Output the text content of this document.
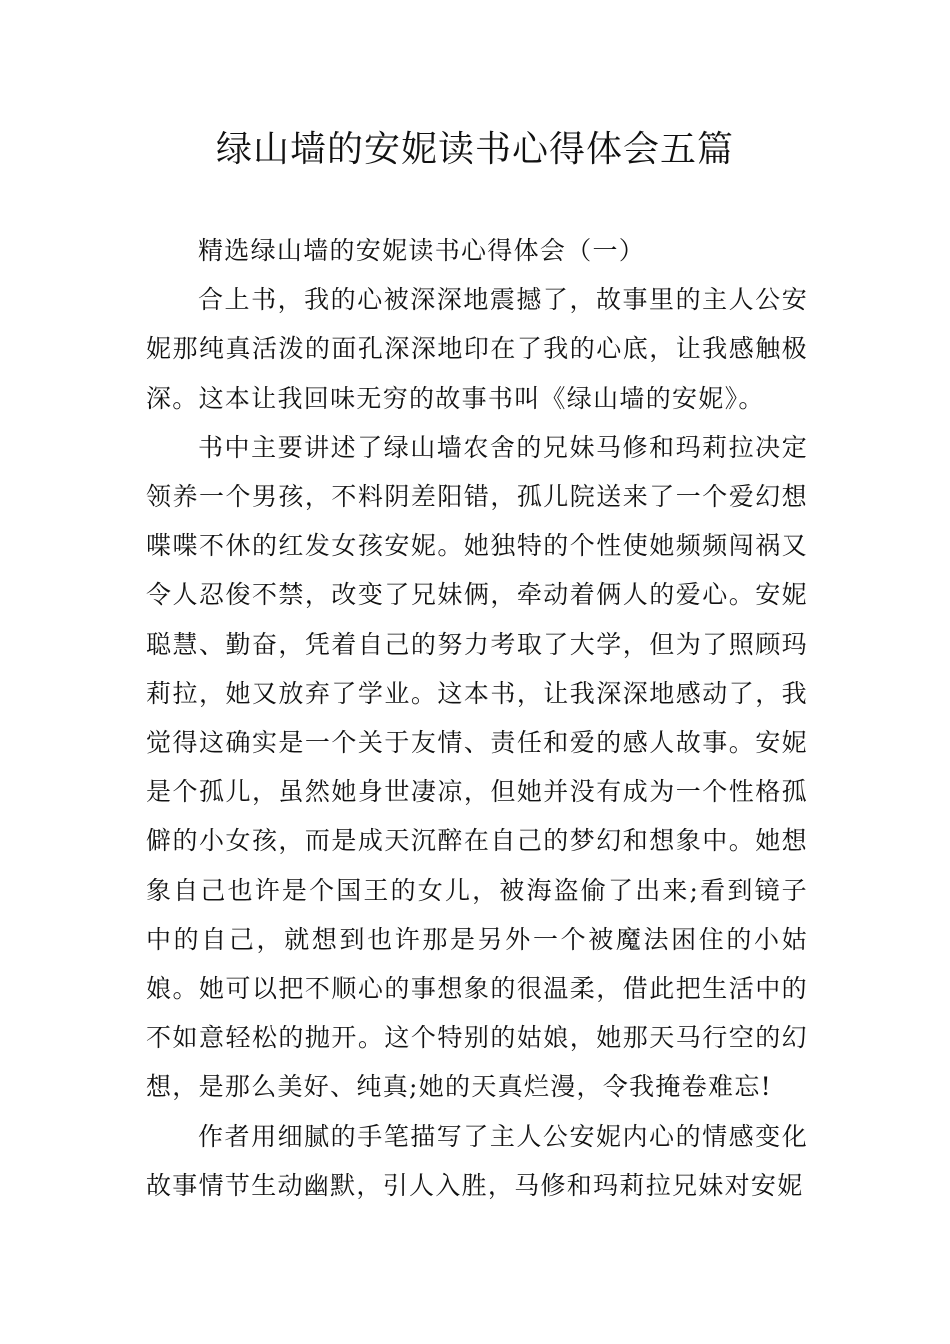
绿山墙的安妮读书心得体会五篇

精选绿山墙的安妮读书心得体会（一）

合上书，我的心被深深地震撼了，故事里的主人公安妮那纯真活泼的面孔深深地印在了我的心底，让我感触极深。这本让我回味无穷的故事书叫《绿山墙的安妮》。

书中主要讲述了绿山墙农舍的兄妹马修和玛莉拉决定领养一个男孩，不料阴差阳错，孤儿院送来了一个爱幻想喋喋不休的红发女孩安妮。她独特的个性使她频频闯祸又令人忍俊不禁，改变了兄妹俩，牵动着俩人的爱心。安妮聪慧、勤奋，凭着自己的努力考取了大学，但为了照顾玛莉拉，她又放弃了学业。这本书，让我深深地感动了，我觉得这确实是一个关于友情、责任和爱的感人故事。安妮是个孤儿，虽然她身世凄凉，但她并没有成为一个性格孤僻的小女孩，而是成天沉醉在自己的梦幻和想象中。她想象自己也许是个国王的女儿，被海盗偷了出来;看到镜子中的自己，就想到也许那是另外一个被魔法困住的小姑娘。她可以把不顺心的事想象的很温柔，借此把生活中的不如意轻松的抛开。这个特别的姑娘，她那天马行空的幻想，是那么美好、纯真;她的天真烂漫，令我掩卷难忘!

作者用细腻的手笔描写了主人公安妮内心的情感变化故事情节生动幽默，引人入胜，马修和玛莉拉兄妹对安妮
